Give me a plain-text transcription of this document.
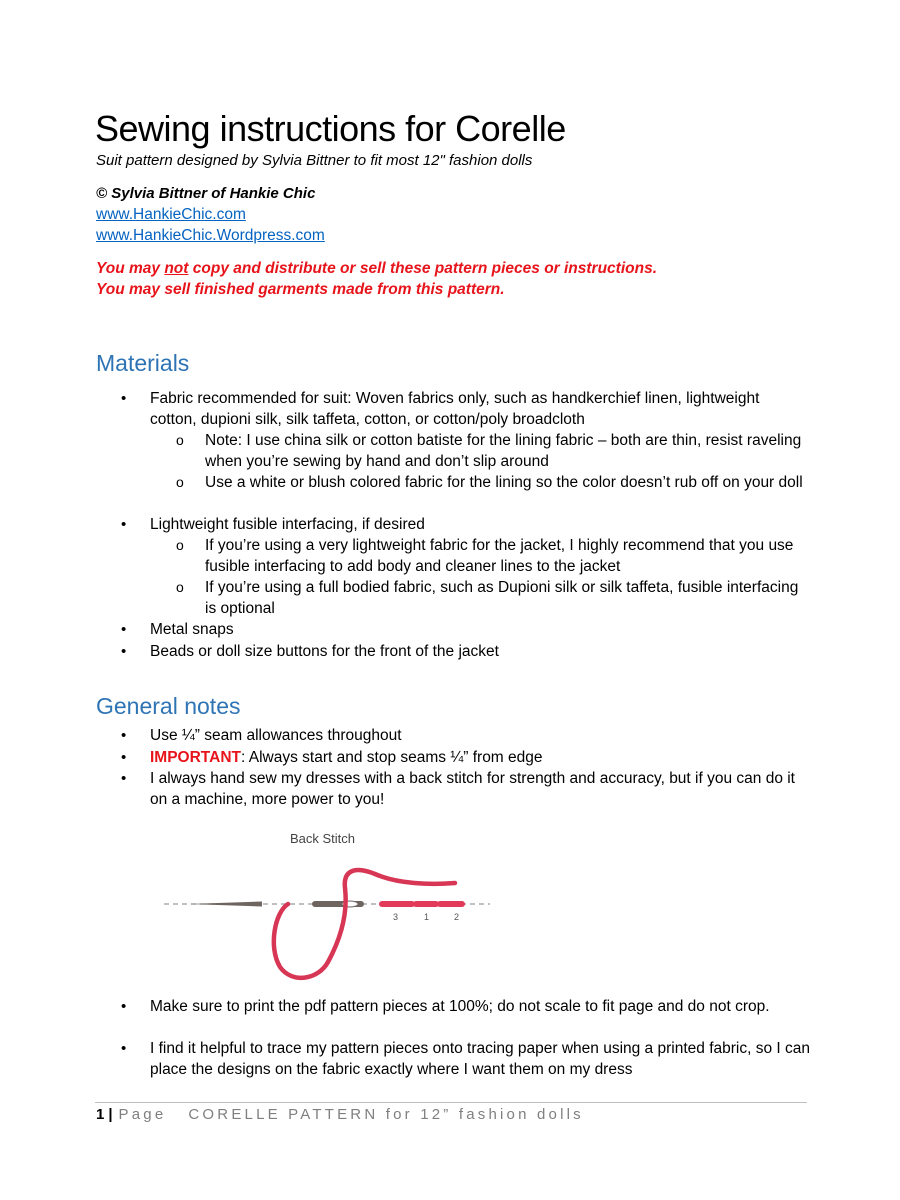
Sewing instructions for Corelle
Suit pattern designed by Sylvia Bittner to fit most 12" fashion dolls
© Sylvia Bittner of Hankie Chic
www.HankieChic.com
www.HankieChic.Wordpress.com
You may not copy and distribute or sell these pattern pieces or instructions.
You may sell finished garments made from this pattern.
Materials
• Fabric recommended for suit: Woven fabrics only, such as handkerchief linen, lightweight cotton, dupioni silk, silk taffeta, cotton, or cotton/poly broadcloth
o Note: I use china silk or cotton batiste for the lining fabric – both are thin, resist raveling when you’re sewing by hand and don’t slip around
o Use a white or blush colored fabric for the lining so the color doesn’t rub off on your doll
• Lightweight fusible interfacing, if desired
o If you’re using a very lightweight fabric for the jacket, I highly recommend that you use fusible interfacing to add body and cleaner lines to the jacket
o If you’re using a full bodied fabric, such as Dupioni silk or silk taffeta, fusible interfacing is optional
• Metal snaps
• Beads or doll size buttons for the front of the jacket
General notes
• Use ¼” seam allowances throughout
• IMPORTANT: Always start and stop seams ¼” from edge
• I always hand sew my dresses with a back stitch for strength and accuracy, but if you can do it on a machine, more power to you!
Back Stitch
3	1	2
• Make sure to print the pdf pattern pieces at 100%; do not scale to fit page and do not crop.
• I find it helpful to trace my pattern pieces onto tracing paper when using a printed fabric, so I can place the designs on the fabric exactly where I want them on my dress
1 | Page CORELLE PATTERN for 12” fashion dolls
